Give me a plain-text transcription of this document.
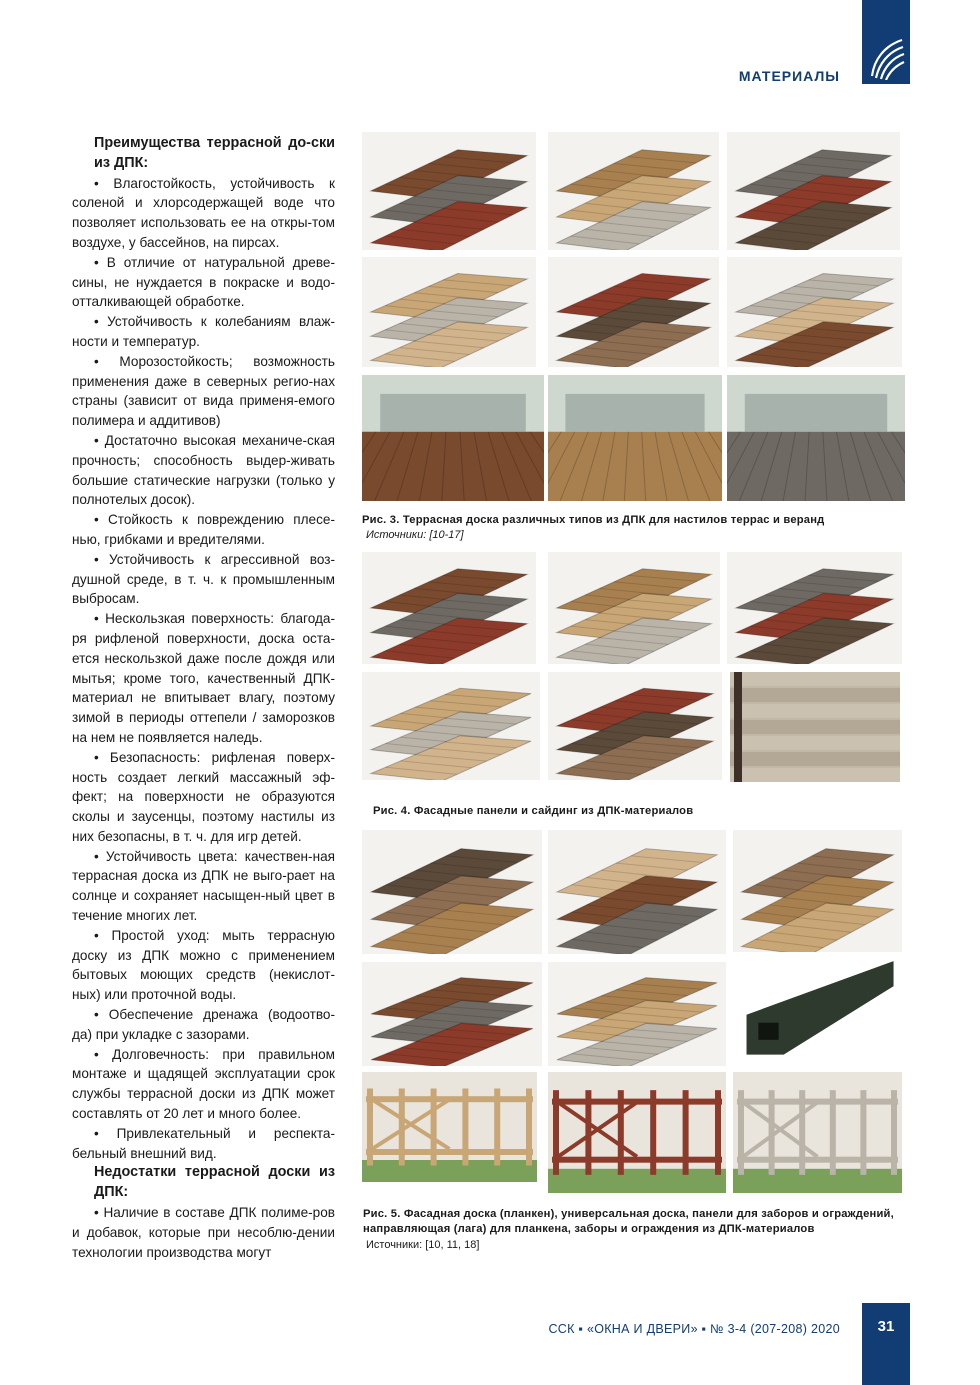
МАТЕРИАЛЫ

Преимущества террасной до-ски из ДПК:

• Влагостойкость, устойчивость к соленой и хлорсодержащей воде что позволяет использовать ее на откры-том воздухе, у бассейнов, на пирсах.

• В отличие от натуральной древе-сины, не нуждается в покраске и водо-отталкивающей обработке.

• Устойчивость к колебаниям влаж-ности и температур.

• Морозостойкость; возможность применения даже в северных регио-нах страны (зависит от вида применя-емого полимера и аддитивов)

• Достаточно высокая механиче-ская прочность; способность выдер-живать большие статические нагрузки (только у полнотелых досок).

• Стойкость к повреждению плесе-нью, грибками и вредителями.

• Устойчивость к агрессивной воз-душной среде, в т. ч. к промышленным выбросам.

• Нескользкая поверхность: благода-ря рифленой поверхности, доска оста-ется нескользкой даже после дождя или мытья; кроме того, качественный ДПК-материал не впитывает влагу, поэтому зимой в периоды оттепели / заморозков на нем не появляется наледь.

• Безопасность: рифленая поверх-ность создает легкий массажный эф-фект; на поверхности не образуются сколы и заусенцы, поэтому настилы из них безопасны, в т. ч. для игр детей.

• Устойчивость цвета: качествен-ная террасная доска из ДПК не выго-рает на солнце и сохраняет насыщен-ный цвет в течение многих лет.

• Простой уход: мыть террасную доску из ДПК можно с применением бытовых моющих средств (некислот-ных) или проточной воды.

• Обеспечение дренажа (водоотво-да) при укладке с зазорами.

• Долговечность: при правильном монтаже и щадящей эксплуатации срок службы террасной доски из ДПК может составлять от 20 лет и много более.

• Привлекательный и респекта-бельный внешний вид.

Недостатки террасной доски из ДПК:

• Наличие в составе ДПК полиме-ров и добавок, которые при несоблю-дении технологии производства могут

Рис. 3. Террасная доска различных типов из ДПК для настилов террас и веранд
Источники: [10-17]
Рис. 4. Фасадные панели и сайдинг из ДПК-материалов
Рис. 5. Фасадная доска (планкен), универсальная доска, панели для заборов и ограждений, направляющая (лага) для планкена, заборы и ограждения из ДПК-материалов
Источники: [10, 11, 18]
ССК ▪ «ОКНА И ДВЕРИ» ▪ № 3-4 (207-208) 2020	31
